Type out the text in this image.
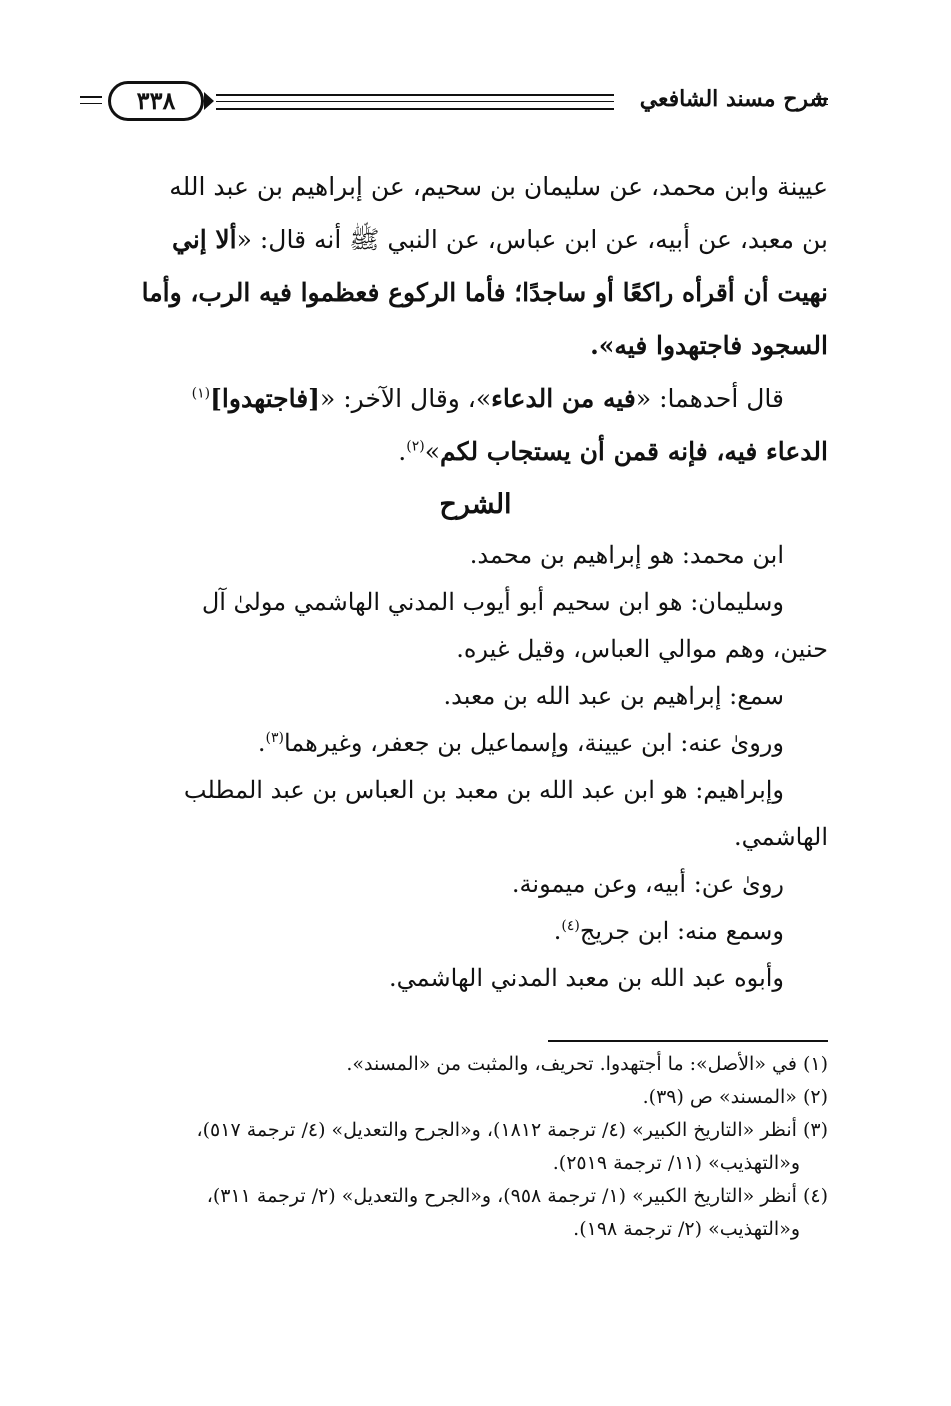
شرح مسند الشافعي
٣٣٨

عيينة وابن محمد، عن سليمان بن سحيم، عن إبراهيم بن عبد الله

بن معبد، عن أبيه، عن ابن عباس، عن النبي ﷺ أنه قال: «ألا إني

نهيت أن أقرأه راكعًا أو ساجدًا؛ فأما الركوع فعظموا فيه الرب، وأما

السجود فاجتهدوا فيه».

قال أحدهما: «فيه من الدعاء»، وقال الآخر: «[فاجتهدوا]$^{(١)}$

الدعاء فيه، فإنه قمن أن يستجاب لكم»$^{(٢)}$.

الشرح

ابن محمد: هو إبراهيم بن محمد.

وسليمان: هو ابن سحيم أبو أيوب المدني الهاشمي مولىٰ آل

حنين، وهم موالي العباس، وقيل غيره.

سمع: إبراهيم بن عبد الله بن معبد.

وروىٰ عنه: ابن عيينة، وإسماعيل بن جعفر، وغيرهما$^{(٣)}$.

وإبراهيم: هو ابن عبد الله بن معبد بن العباس بن عبد المطلب

الهاشمي.

روىٰ عن: أبيه، وعن ميمونة.

وسمع منه: ابن جريج$^{(٤)}$.

وأبوه عبد الله بن معبد المدني الهاشمي.

(١) في «الأصل»: ما أجتهدوا. تحريف، والمثبت من «المسند».

(٢) «المسند» ص (٣٩).

(٣) أنظر «التاريخ الكبير» (٤/ ترجمة ١٨١٢)، و«الجرح والتعديل» (٤/ ترجمة ٥١٧)،

و«التهذيب» (١١/ ترجمة ٢٥١٩).

(٤) أنظر «التاريخ الكبير» (١/ ترجمة ٩٥٨)، و«الجرح والتعديل» (٢/ ترجمة ٣١١)،

و«التهذيب» (٢/ ترجمة ١٩٨).
